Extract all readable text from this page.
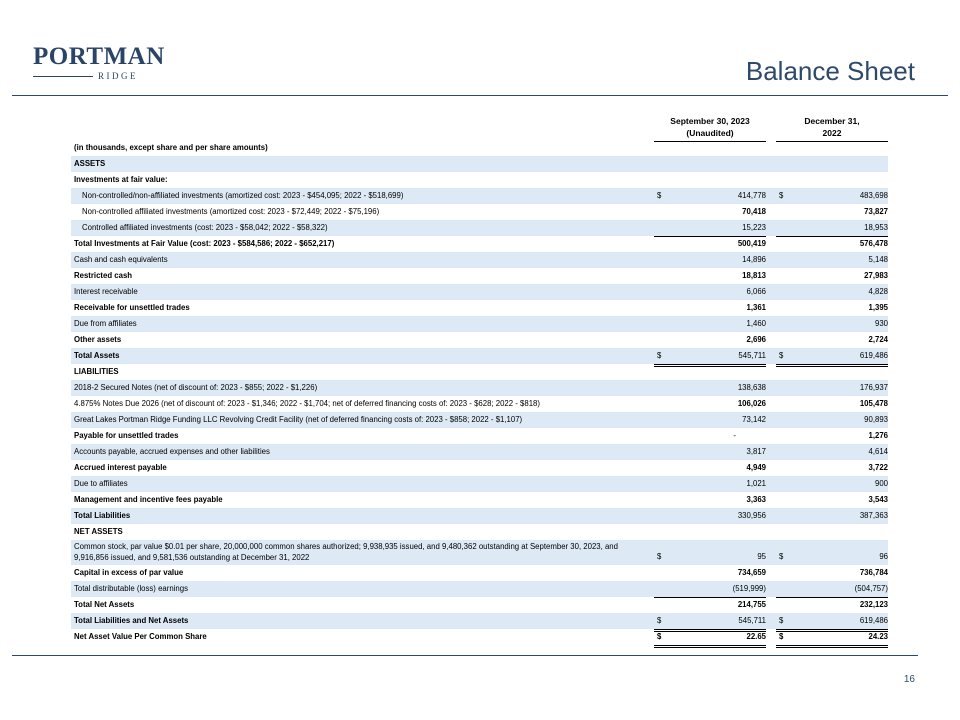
PORTMAN
RIDGE	Balance Sheet
September 30, 2023
(Unaudited)
December 31,
2022
(in thousands, except share and per share amounts)
ASSETS
Investments at fair value:
Non-controlled/non-affiliated investments (amortized cost: 2023 - $454,095; 2022 - $518,699)	$	414,778 $	483,698
Non-controlled affiliated investments (amortized cost: 2023 - $72,449; 2022 - $75,196)	70,418	73,827
Controlled affiliated investments (cost: 2023 - $58,042; 2022 - $58,322)	15,223	18,953
Total Investments at Fair Value (cost: 2023 - $584,586; 2022 - $652,217)	500,419	576,478
Cash and cash equivalents	14,896	5,148
Restricted cash	18,813	27,983
Interest receivable	6,066	4,828
Receivable for unsettled trades	1,361	1,395
Due from affiliates	1,460	930
Other assets	2,696	2,724
Total Assets	$	545,711 $	619,486
LIABILITIES
2018-2 Secured Notes (net of discount of: 2023 - $855; 2022 - $1,226)	138,638	176,937
4.875% Notes Due 2026 (net of discount of: 2023 - $1,346; 2022 - $1,704; net of deferred financing costs of: 2023 - $628; 2022 - $818)	106,026	105,478
Great Lakes Portman Ridge Funding LLC Revolving Credit Facility (net of deferred financing costs of: 2023 - $858; 2022 - $1,107)	73,142	90,893
Payable for unsettled trades	-	1,276
Accounts payable, accrued expenses and other liabilities	3,817	4,614
Accrued interest payable	4,949	3,722
Due to affiliates	1,021	900
Management and incentive fees payable	3,363	3,543
Total Liabilities	330,956	387,363
NET ASSETS
Common stock, par value $0.01 per share, 20,000,000 common shares authorized; 9,938,935 issued, and 9,480,362 outstanding at September 30, 2023, and 9,916,856 issued, and 9,581,536 outstanding at December 31, 2022	$	95 $	96
Capital in excess of par value	734,659	736,784
Total distributable (loss) earnings	(519,999)	(504,757)
Total Net Assets	214,755	232,123
Total Liabilities and Net Assets	$	545,711 $	619,486
Net Asset Value Per Common Share	$	22.65 $	24.23
16
